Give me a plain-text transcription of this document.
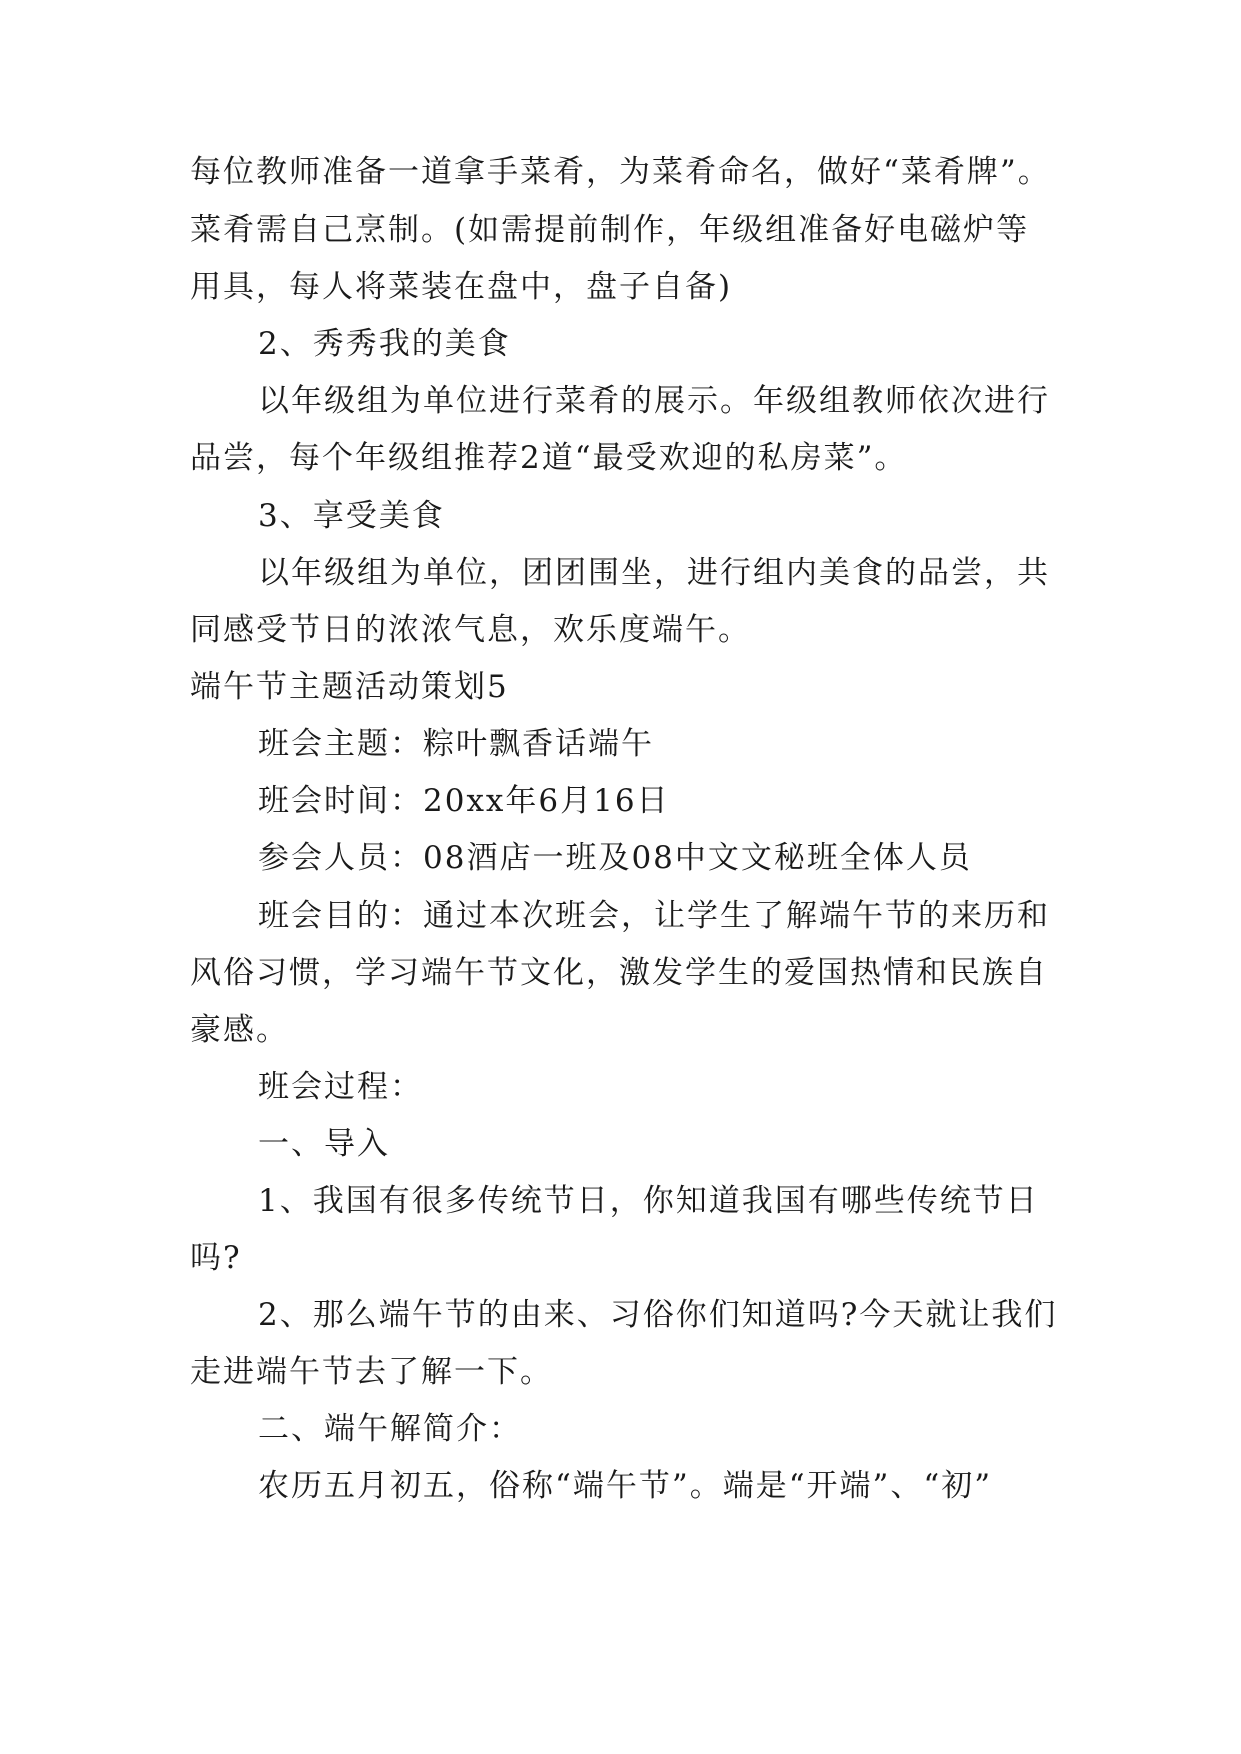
每位教师准备一道拿手菜肴，为菜肴命名，做好“菜肴牌”。
菜肴需自己烹制。(如需提前制作，年级组准备好电磁炉等
用具，每人将菜装在盘中，盘子自备)
2、秀秀我的美食
以年级组为单位进行菜肴的展示。年级组教师依次进行
品尝，每个年级组推荐2道“最受欢迎的私房菜”。
3、享受美食
以年级组为单位，团团围坐，进行组内美食的品尝，共
同感受节日的浓浓气息，欢乐度端午。
端午节主题活动策划5
班会主题：粽叶飘香话端午
班会时间：20xx年6月16日
参会人员：08酒店一班及08中文文秘班全体人员
班会目的：通过本次班会，让学生了解端午节的来历和
风俗习惯，学习端午节文化，激发学生的爱国热情和民族自
豪感。
班会过程：
一、导入
1、我国有很多传统节日，你知道我国有哪些传统节日
吗?
2、那么端午节的由来、习俗你们知道吗?今天就让我们
走进端午节去了解一下。
二、端午解简介：
农历五月初五，俗称“端午节”。端是“开端”、“初”
